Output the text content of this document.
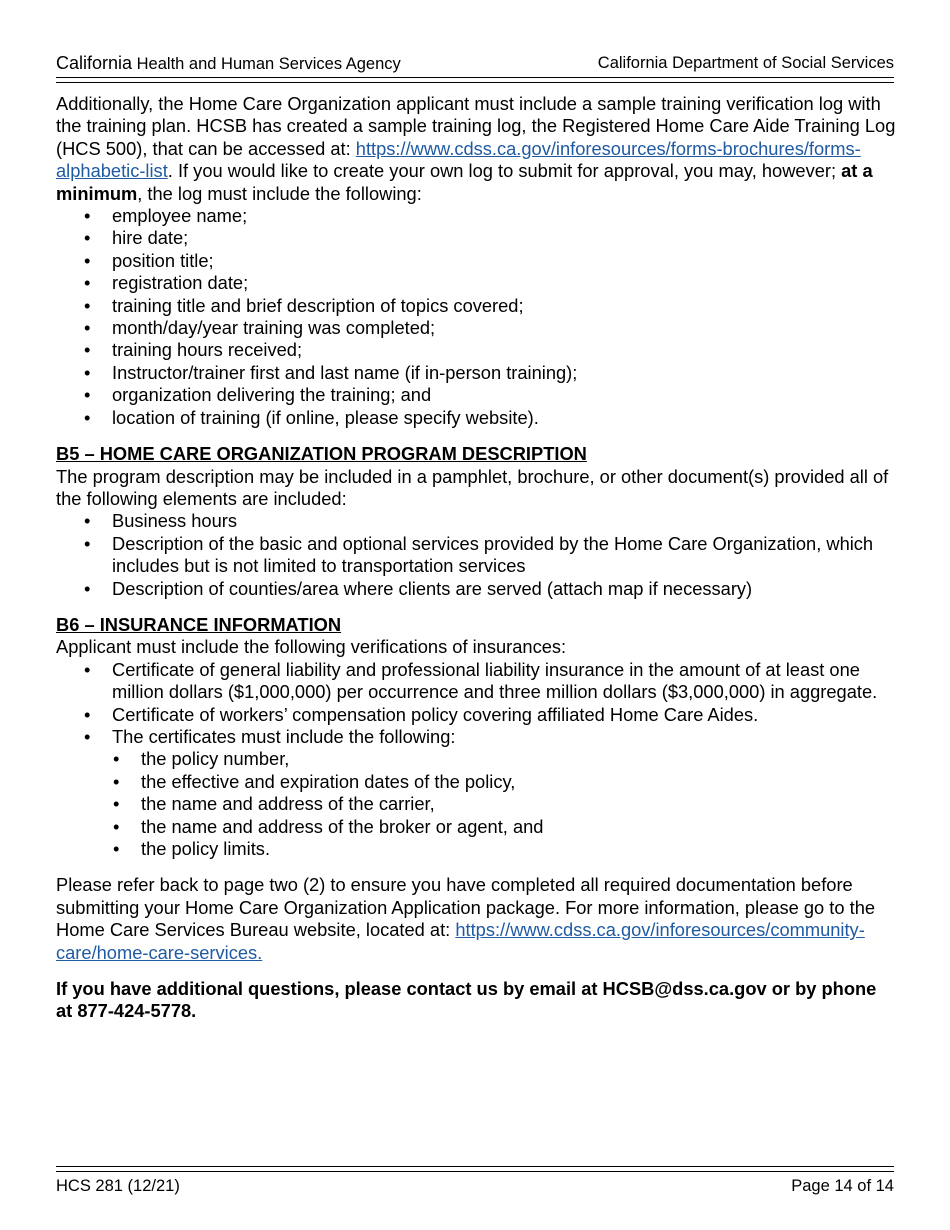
California Health and Human Services Agency	California Department of Social Services

Additionally, the Home Care Organization applicant must include a sample training verification log with the training plan. HCSB has created a sample training log, the Registered Home Care Aide Training Log (HCS 500), that can be accessed at: https://www.cdss.ca.gov/inforesources/forms-brochures/forms-alphabetic-list. If you would like to create your own log to submit for approval, you may, however; at a minimum, the log must include the following:

• employee name;
• hire date;
• position title;
• registration date;
• training title and brief description of topics covered;
• month/day/year training was completed;
• training hours received;
• Instructor/trainer first and last name (if in-person training);
• organization delivering the training; and
• location of training (if online, please specify website).
B5 – HOME CARE ORGANIZATION PROGRAM DESCRIPTION

The program description may be included in a pamphlet, brochure, or other document(s) provided all of the following elements are included:

• Business hours
• Description of the basic and optional services provided by the Home Care Organization, which includes but is not limited to transportation services
• Description of counties/area where clients are served (attach map if necessary)
B6 – INSURANCE INFORMATION

Applicant must include the following verifications of insurances:

• Certificate of general liability and professional liability insurance in the amount of at least one million dollars ($1,000,000) per occurrence and three million dollars ($3,000,000) in aggregate.
• Certificate of workers’ compensation policy covering affiliated Home Care Aides.
• The certificates must include the following:
• the policy number,
• the effective and expiration dates of the policy,
• the name and address of the carrier,
• the name and address of the broker or agent, and
• the policy limits.

Please refer back to page two (2) to ensure you have completed all required documentation before submitting your Home Care Organization Application package. For more information, please go to the Home Care Services Bureau website, located at: https://www.cdss.ca.gov/inforesources/community-care/home-care-services.

If you have additional questions, please contact us by email at HCSB@dss.ca.gov or by phone at 877-424-5778.

HCS 281 (12/21)	Page 14 of 14
